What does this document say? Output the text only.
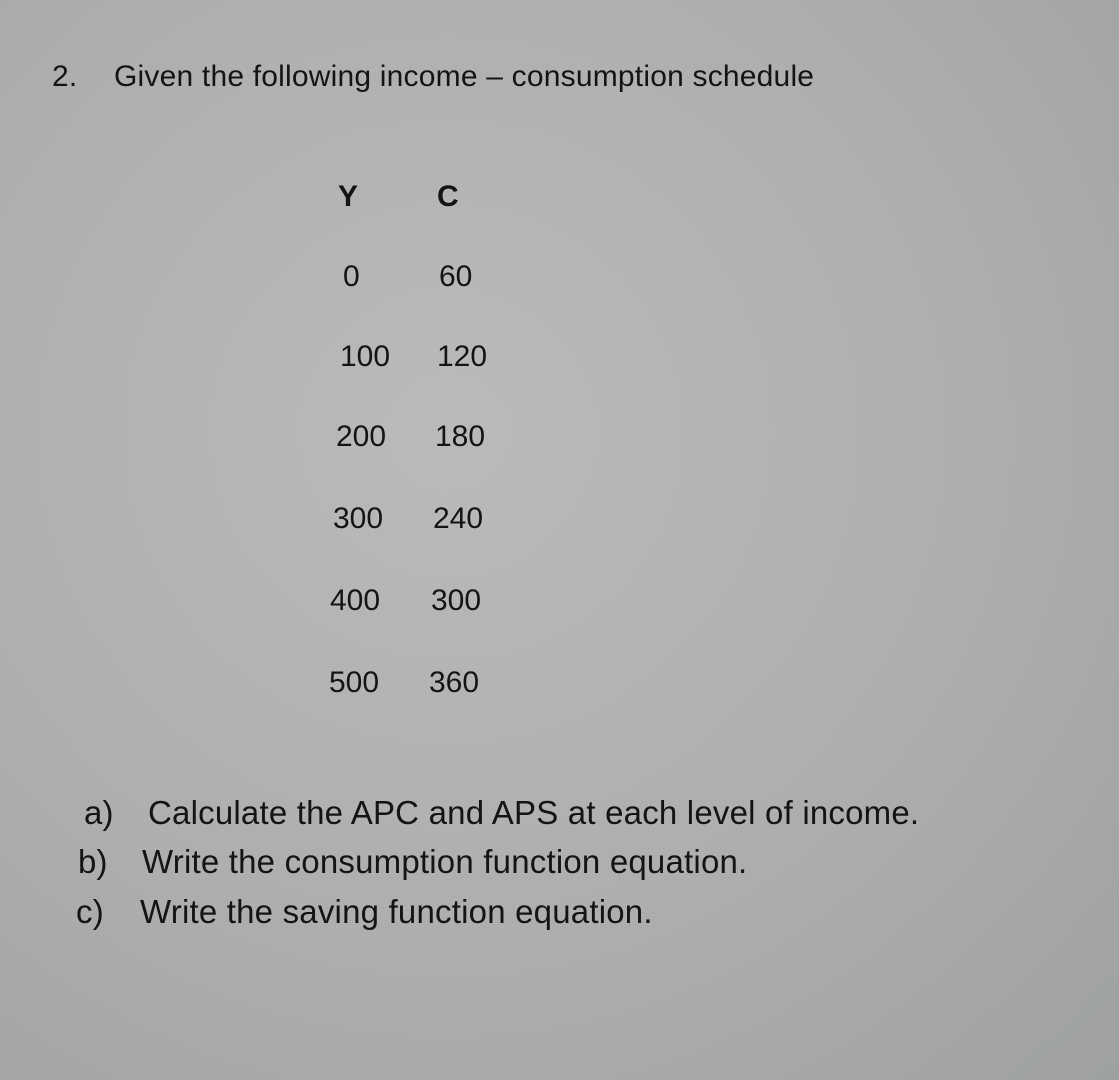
2. Given the following income – consumption schedule
Y	C
0	60
100 120
200 180
300 240
400 300
500 360
a) Calculate the APC and APS at each level of income.
b) Write the consumption function equation.
c) Write the saving function equation.
